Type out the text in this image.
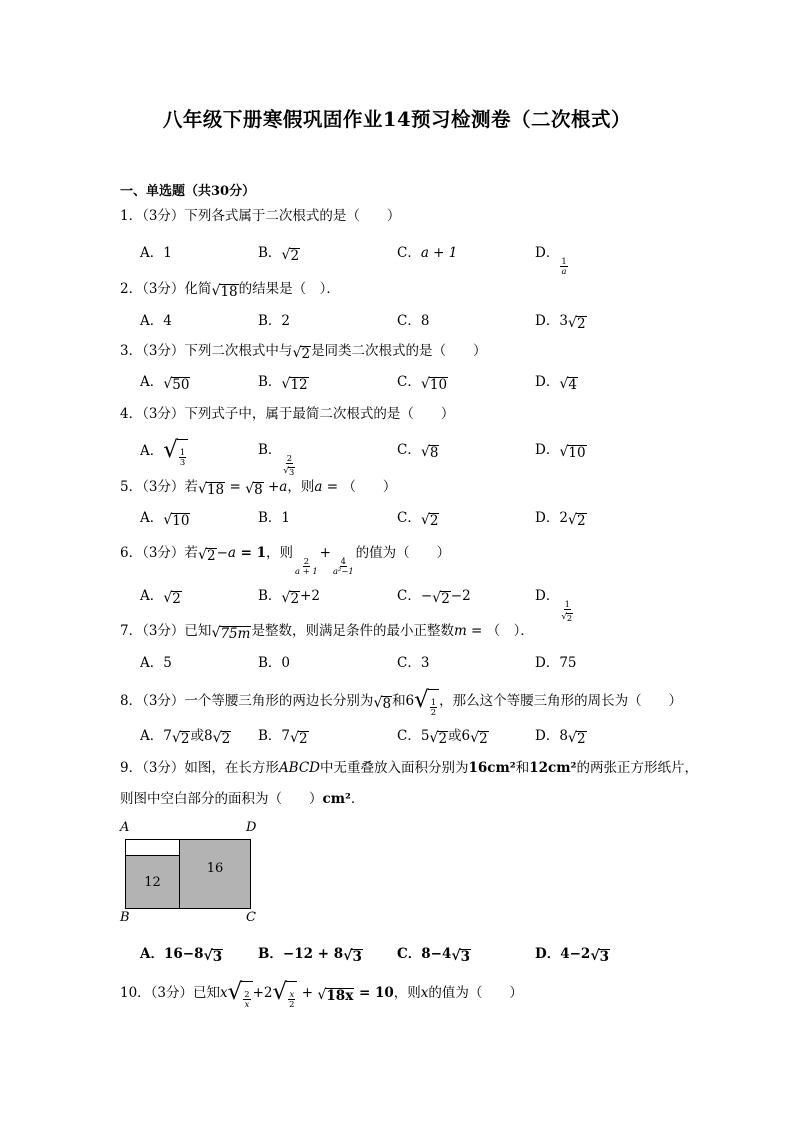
八年级下册寒假巩固作业14预习检测卷（二次根式）
一、单选题（共30分）
1．（3分）下列各式属于二次根式的是（　　）
A．1	B． √ 2	C．a + 1	D．
$\frac{1}{a}$
2．（3分）化简 √ 18 的结果是（　）．
A．4	B．2	C．8	D．3 √ 2
3．（3分）下列二次根式中与 √ 2 是同类二次根式的是（　　）
A． √ 50	B． √ 12	C． √ 10	D． √ 4
4．（3分）下列式子中，属于最简二次根式的是（　　）
A． √ $\frac{1}{3}$	B．
$\frac{2}{√ 3}$
C． √ 8	D． √ 10
5．（3分）若 √ 18 = √ 8 +a，则a = （　　）
A． √ 10	B．1	C． √ 2	D．2 √ 2
6．（3分）若 √ 2 −a = 1，则
$\frac{2}{a + 1}$
+
$\frac{4}{\text{a²−1}}$
的值为（　　）
A． √ 2	B． √ 2 +2	C．− √ 2 −2	D．
$\frac{1}{√ 2}$
7．（3分）已知 √ 75m 是整数，则满足条件的最小正整数m = （　）．
A．5	B．0	C．3	D．75
8．（3分）一个等腰三角形的两边长分别为 √ 8 和6 √ $\frac{1}{2}$ ，那么这个等腰三角形的周长为（　　）
A．7 √ 2 或8 √ 2 B．7 √ 2	C．5 √ 2 或6 √ 2	D．8 √ 2
9．（3分）如图，在长方形ABCD中无重叠放入面积分别为16cm²和12cm²的两张正方形纸片，
则图中空白部分的面积为（　　）cm²．
A	D
B	C
12
16
A．16−8 √ 3	B．−12 + 8 √ 3	C．8−4 √ 3	D．4−2 √ 3
10．（3分）已知x √ $\frac{2}{x} +2$ √ $\frac{x}{2}$ + √ 18x = 10，则x的值为（　　）
